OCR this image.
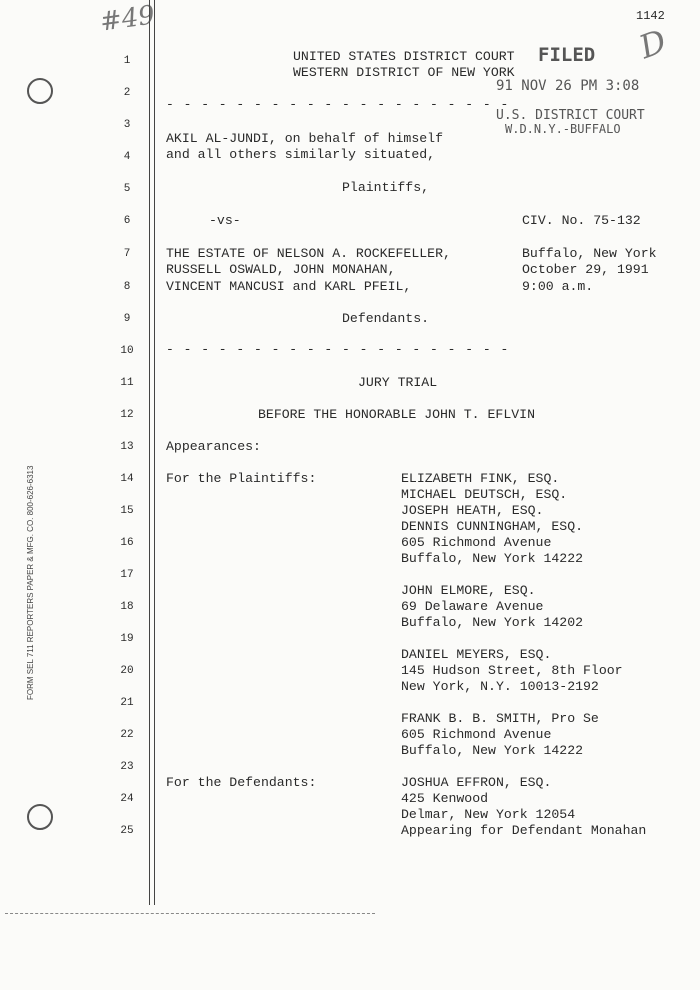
#49
D
1142
FORM SEL 711 REPORTERS PAPER & MFG. CO. 800-626-6313
FILED
91 NOV 26 PM 3:08
U.S. DISTRICT COURT
W.D.N.Y.-BUFFALO
1
2
3
4
5
6
7
8
9
10
11
12
13
14
15
16
17
18
19
20
21
22
23
24
25
UNITED STATES DISTRICT COURT
WESTERN DISTRICT OF NEW YORK
- - - - - - - - - - - - - - - - - - - -
AKIL AL-JUNDI, on behalf of himself
and all others similarly situated,
Plaintiffs,
-vs-	CIV. No. 75-132
THE ESTATE OF NELSON A. ROCKEFELLER,
RUSSELL OSWALD, JOHN MONAHAN,
VINCENT MANCUSI and KARL PFEIL,
Buffalo, New York
October 29, 1991
9:00 a.m.
Defendants.
- - - - - - - - - - - - - - - - - - - -
JURY TRIAL
BEFORE THE HONORABLE JOHN T. EFLVIN
Appearances:
For the Plaintiffs:	ELIZABETH FINK, ESQ.
MICHAEL DEUTSCH, ESQ.
JOSEPH HEATH, ESQ.
DENNIS CUNNINGHAM, ESQ.
605 Richmond Avenue
Buffalo, New York 14222
JOHN ELMORE, ESQ.
69 Delaware Avenue
Buffalo, New York 14202
DANIEL MEYERS, ESQ.
145 Hudson Street, 8th Floor
New York, N.Y. 10013-2192
FRANK B. B. SMITH, Pro Se
605 Richmond Avenue
Buffalo, New York 14222
For the Defendants:	JOSHUA EFFRON, ESQ.
425 Kenwood
Delmar, New York 12054
Appearing for Defendant Monahan
